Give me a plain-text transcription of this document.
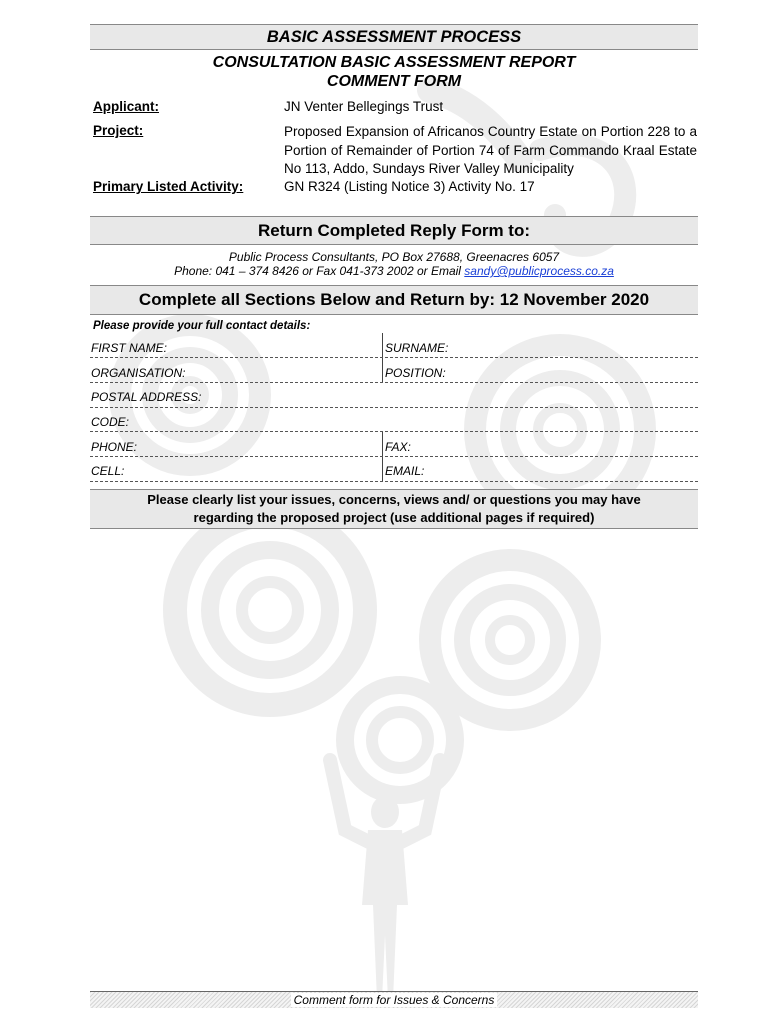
BASIC ASSESSMENT PROCESS
CONSULTATION BASIC ASSESSMENT REPORT
COMMENT FORM
Applicant:	JN Venter Bellegings Trust
Project:	Proposed Expansion of Africanos Country Estate on Portion 228 to a Portion of Remainder of Portion 74 of Farm Commando Kraal Estate No 113, Addo, Sundays River Valley Municipality
Primary Listed Activity:	GN R324 (Listing Notice 3) Activity No. 17
Return Completed Reply Form to:
Public Process Consultants, PO Box 27688, Greenacres 6057
Phone: 041 – 374 8426 or Fax 041-373 2002 or Email sandy@publicprocess.co.za
Complete all Sections Below and Return by: 12 November 2020
Please provide your full contact details:
FIRST NAME:	SURNAME:
ORGANISATION:	POSITION:
POSTAL ADDRESS:
CODE:
PHONE:	FAX:
CELL:	EMAIL:
Please clearly list your issues, concerns, views and/ or questions you may have
regarding the proposed project (use additional pages if required)
Comment form for Issues & Concerns
